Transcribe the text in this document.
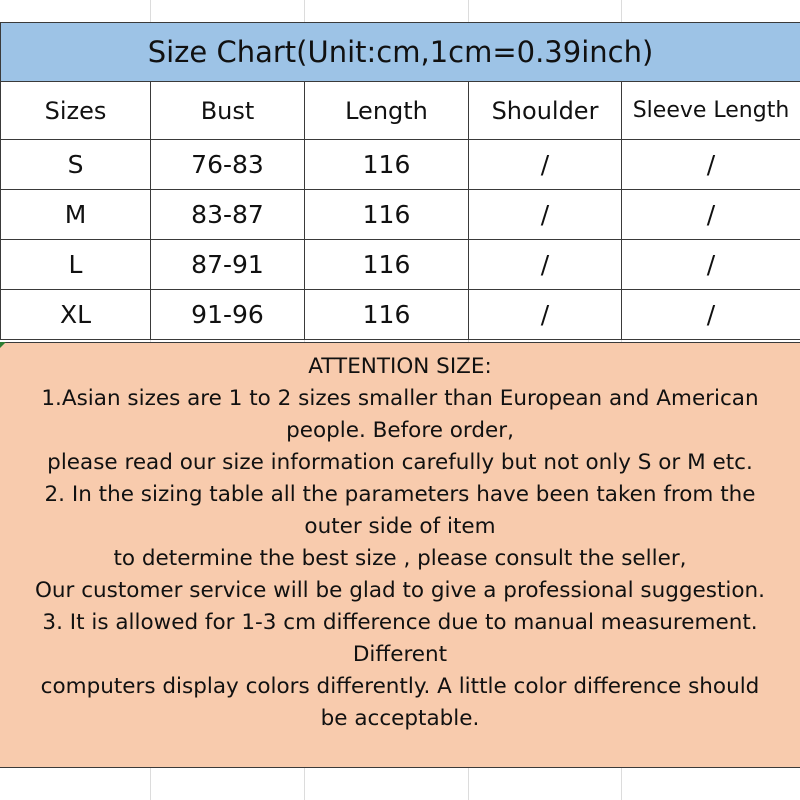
Size Chart(Unit:cm,1cm=0.39inch)				
Sizes	Bust	Length	Shoulder	Sleeve Length
S	76-83	116	/	/
M	83-87	116	/	/
L	87-91	116	/	/
XL	91-96	116	/	/
ATTENTION SIZE:
1.Asian sizes are 1 to 2 sizes smaller than European and American
people. Before order,
please read our size information carefully but not only S or M etc.
2. In the sizing table all the parameters have been taken from the
outer side of item
to determine the best size , please consult the seller,
Our customer service will be glad to give a professional suggestion.
3. It is allowed for 1-3 cm difference due to manual measurement.
Different
computers display colors differently. A little color difference should
be acceptable.
